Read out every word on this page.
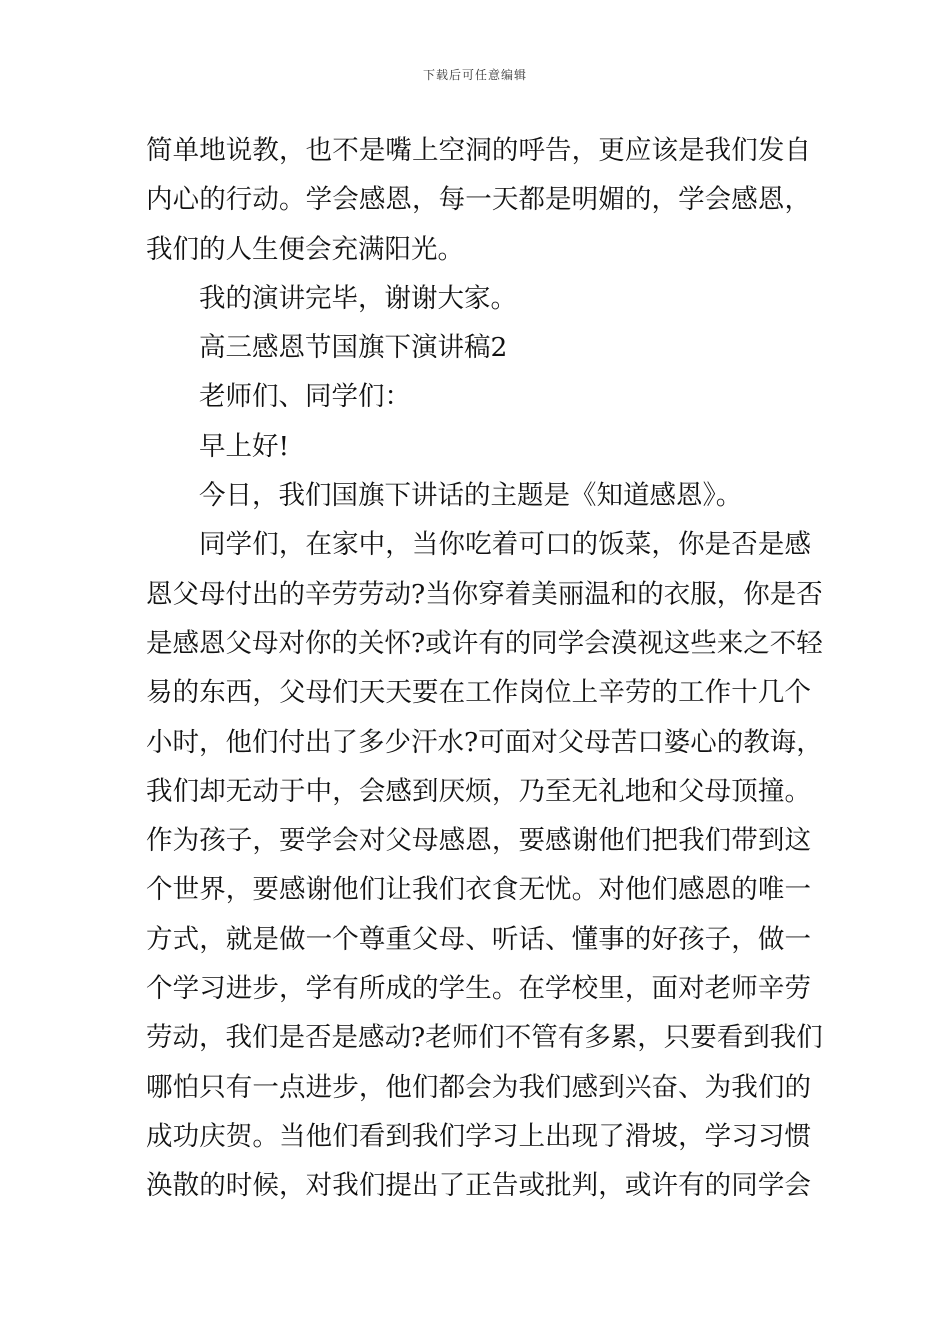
下载后可任意编辑
简单地说教，也不是嘴上空洞的呼告，更应该是我们发自
内心的行动。学会感恩，每一天都是明媚的，学会感恩，
我们的人生便会充满阳光。
我的演讲完毕，谢谢大家。
高三感恩节国旗下演讲稿2
老师们、同学们：
早上好!
今日，我们国旗下讲话的主题是《知道感恩》。
同学们，在家中，当你吃着可口的饭菜，你是否是感
恩父母付出的辛劳劳动?当你穿着美丽温和的衣服，你是否
是感恩父母对你的关怀?或许有的同学会漠视这些来之不轻
易的东西，父母们天天要在工作岗位上辛劳的工作十几个
小时，他们付出了多少汗水?可面对父母苦口婆心的教诲，
我们却无动于中，会感到厌烦，乃至无礼地和父母顶撞。
作为孩子，要学会对父母感恩，要感谢他们把我们带到这
个世界，要感谢他们让我们衣食无忧。对他们感恩的唯一
方式，就是做一个尊重父母、听话、懂事的好孩子，做一
个学习进步，学有所成的学生。在学校里，面对老师辛劳
劳动，我们是否是感动?老师们不管有多累，只要看到我们
哪怕只有一点进步，他们都会为我们感到兴奋、为我们的
成功庆贺。当他们看到我们学习上出现了滑坡，学习习惯
涣散的时候，对我们提出了正告或批判，或许有的同学会
